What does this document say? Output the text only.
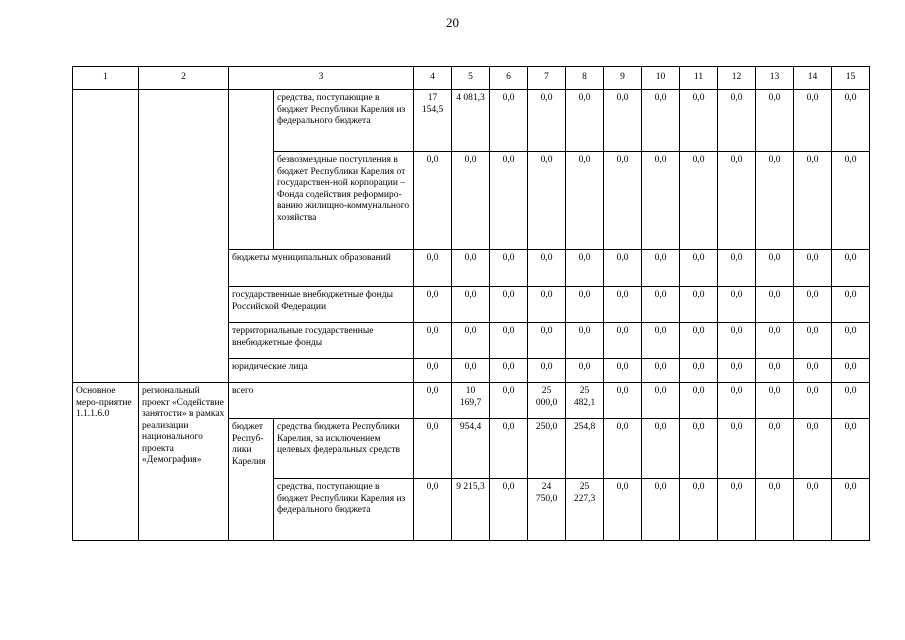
20
1	2	3		4	5	6	7	8	9	10	11	12	13	14	15
			средства, поступающие в бюджет Республики Карелия из федерального бюджета	17 154,5	4 081,3	0,0	0,0	0,0	0,0	0,0	0,0	0,0	0,0	0,0	0,0
			безвозмездные поступления в бюджет Республики Карелия от государствен-ной корпорации – Фонда содействия реформиро-ванию жилищно-коммунального хозяйства	0,0	0,0	0,0	0,0	0,0	0,0	0,0	0,0	0,0	0,0	0,0	0,0
		бюджеты муниципальных образований		0,0	0,0	0,0	0,0	0,0	0,0	0,0	0,0	0,0	0,0	0,0	0,0
		государственные внебюджетные фонды Российской Федерации		0,0	0,0	0,0	0,0	0,0	0,0	0,0	0,0	0,0	0,0	0,0	0,0
		территориальные государственные внебюджетные фонды		0,0	0,0	0,0	0,0	0,0	0,0	0,0	0,0	0,0	0,0	0,0	0,0
		юридические лица		0,0	0,0	0,0	0,0	0,0	0,0	0,0	0,0	0,0	0,0	0,0	0,0
Основное меро-приятие 1.1.1.6.0	региональный проект «Содействие занятости» в рамках реализации национального проекта «Демография»	всего		0,0	10 169,7	0,0	25 000,0	25 482,1	0,0	0,0	0,0	0,0	0,0	0,0	0,0
		бюджет Респуб-лики Карелия	средства бюджета Республики Карелия, за исключением целевых федеральных средств	0,0	954,4	0,0	250,0	254,8	0,0	0,0	0,0	0,0	0,0	0,0	0,0
			средства, поступающие в бюджет Республики Карелия из федерального бюджета	0,0	9 215,3	0,0	24 750,0	25 227,3	0,0	0,0	0,0	0,0	0,0	0,0	0,0
